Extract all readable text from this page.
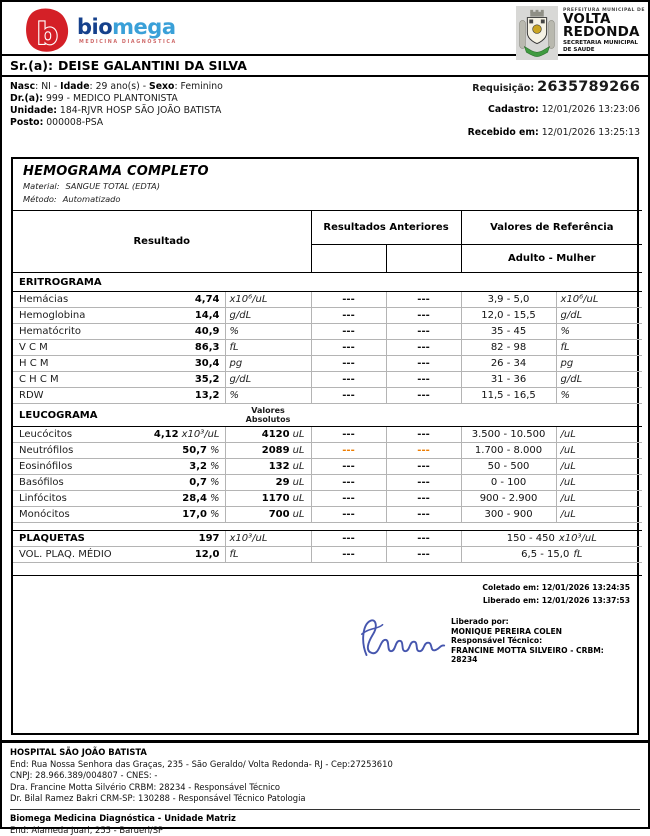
b biomega
MEDICINA DIAGNÓSTICA
PREFEITURA MUNICIPAL DE
VOLTA
REDONDA
SECRETARIA MUNICIPAL
DE SAUDE
Sr.(a): DEISE GALANTINI DA SILVA
Nasc: NI - Idade: 29 ano(s) - Sexo: Feminino
Dr.(a): 999 - MEDICO PLANTONISTA
Unidade: 184-RJVR HOSP SÃO JOÃO BATISTA
Posto: 000008-PSA
Requisição: 2635789266
Cadastro: 12/01/2026 13:23:06
Recebido em: 12/01/2026 13:25:13
HEMOGRAMA COMPLETO
Material: SANGUE TOTAL (EDTA)
Método: Automatizado
Resultado		Resultados Anteriores		Valores de Referência	
				Adulto - Mulher	
ERITROGRAMA					

Hemácias 4,74	x10⁶/uL	---	---	3,9 - 5,0	x10⁶/uL

Hemoglobina 14,4	g/dL	---	---	12,0 - 15,5	g/dL

Hematócrito 40,9	%	---	---	35 - 45	%

V C M 86,3	fL	---	---	82 - 98	fL

H C M 30,4	pg	---	---	26 - 34	pg

C H C M 35,2	g/dL	---	---	31 - 36	g/dL

RDW 13,2	%	---	---	11,5 - 16,5	%
LEUCOGRAMA	Valores
Absolutos				

Leucócitos 4,12 x10³/uL	4120 uL	---	---	3.500 - 10.500	/uL

Neutrófilos 50,7 %	2089 uL	---	---	1.700 - 8.000	/uL

Eosinófilos 3,2 %	132 uL	---	---	50 - 500	/uL

Basófilos 0,7 %	29 uL	---	---	0 - 100	/uL

Linfócitos 28,4 %	1170 uL	---	---	900 - 2.900	/uL

Monócitos 17,0 %	700 uL	---	---	300 - 900	/uL

PLAQUETAS 197	x10³/uL	---	---	150 - 450 x10³/uL	

VOL. PLAQ. MÉDIO 12,0	fL	---	---	6,5 - 15,0 fL	

Coletado em: 12/01/2026 13:24:35
Liberado em: 12/01/2026 13:37:53
Liberado por:
MONIQUE PEREIRA COLEN
Responsável Técnico:
FRANCINE MOTTA SILVEIRO - CRBM: 28234
HOSPITAL SÃO JOÃO BATISTA
End: Rua Nossa Senhora das Graças, 235 - São Geraldo/ Volta Redonda- RJ - Cep:27253610
CNPJ: 28.966.389/004807 - CNES: -
Dra. Francine Motta Silvério CRBM: 28234 - Responsável Técnico
Dr. Bilal Ramez Bakri CRM-SP: 130288 - Responsável Técnico Patologia
Biomega Medicina Diagnóstica - Unidade Matriz
End: Alameda Juari, 255 - Barueri/SP
